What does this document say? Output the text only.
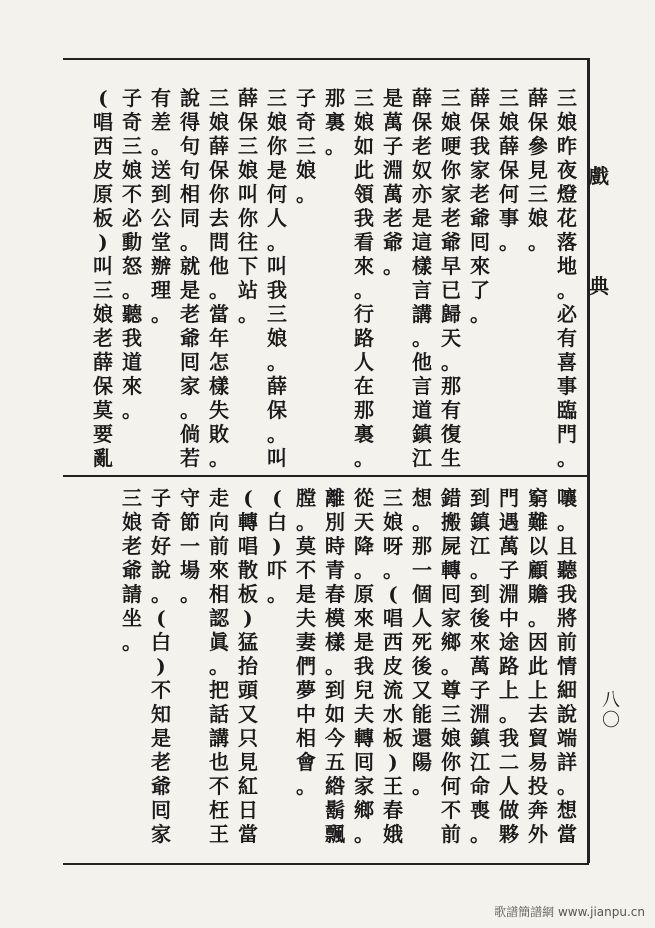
戲
典
八〇
三
娘
昨
夜
燈
花
落
地
。
必
有
喜
事
臨
門
。
薛
保
參
見
三
娘
。
三
娘
薛
保
何
事
。
薛
保
我
家
老
爺
囘
來
了
。
三
娘
哽
你
家
老
爺
早
已
歸
天
。
那
有
復
生
薛
保
老
奴
亦
是
這
樣
言
講
。
他
言
道
鎮
江
是
萬
子
淵
萬
老
爺
。
三
娘
如
此
領
我
看
來
。
行
路
人
在
那
裏
。
那
裏
。
子
奇
三
娘
。
三
娘
你
是
何
人
。
叫
我
三
娘
。
薛
保
。
叫
薛
保
三
娘
叫
你
往
下
站
。
三
娘
薛
保
你
去
問
他
。
當
年
怎
樣
失
敗
。
說
得
句
句
相
同
。
就
是
老
爺
囘
家
。
倘
若
有
差
。
送
到
公
堂
辦
理
。
子
奇
三
娘
不
必
動
怒
。
聽
我
道
來
。
(
唱
西
皮
原
板
)
叫
三
娘
老
薛
保
莫
要
亂
嚷
。
且
聽
我
將
前
情
細
說
端
詳
。
想
當
窮
難
以
顧
贍
。
因
此
上
去
貿
易
投
奔
外
門
遇
萬
子
淵
中
途
路
上
。
我
二
人
做
夥
到
鎮
江
。
到
後
來
萬
子
淵
鎮
江
命
喪
。
錯
搬
屍
轉
囘
家
鄉
。
尊
三
娘
你
何
不
前
想
。
那
一
個
人
死
後
又
能
還
陽
。
三
娘
呀
。
(
唱
西
皮
流
水
板
)
王
春
娥
從
天
降
。
原
來
是
我
兒
夫
轉
囘
家
鄉
。
離
別
時
青
春
模
樣
。
到
如
今
五
綹
鬍
飄
膛
。
莫
不
是
夫
妻
們
夢
中
相
會
。
(
白
)
吓
。
(
轉
唱
散
板
)
猛
抬
頭
又
只
見
紅
日
當
走
向
前
來
相
認
眞
。
把
話
講
也
不
枉
王
守
節
一
場
。
子
奇
好
說
。
(
白
)
不
知
是
老
爺
囘
家
三
娘
老
爺
請
坐
。
歌譜簡譜網 www.jianpu.cn
